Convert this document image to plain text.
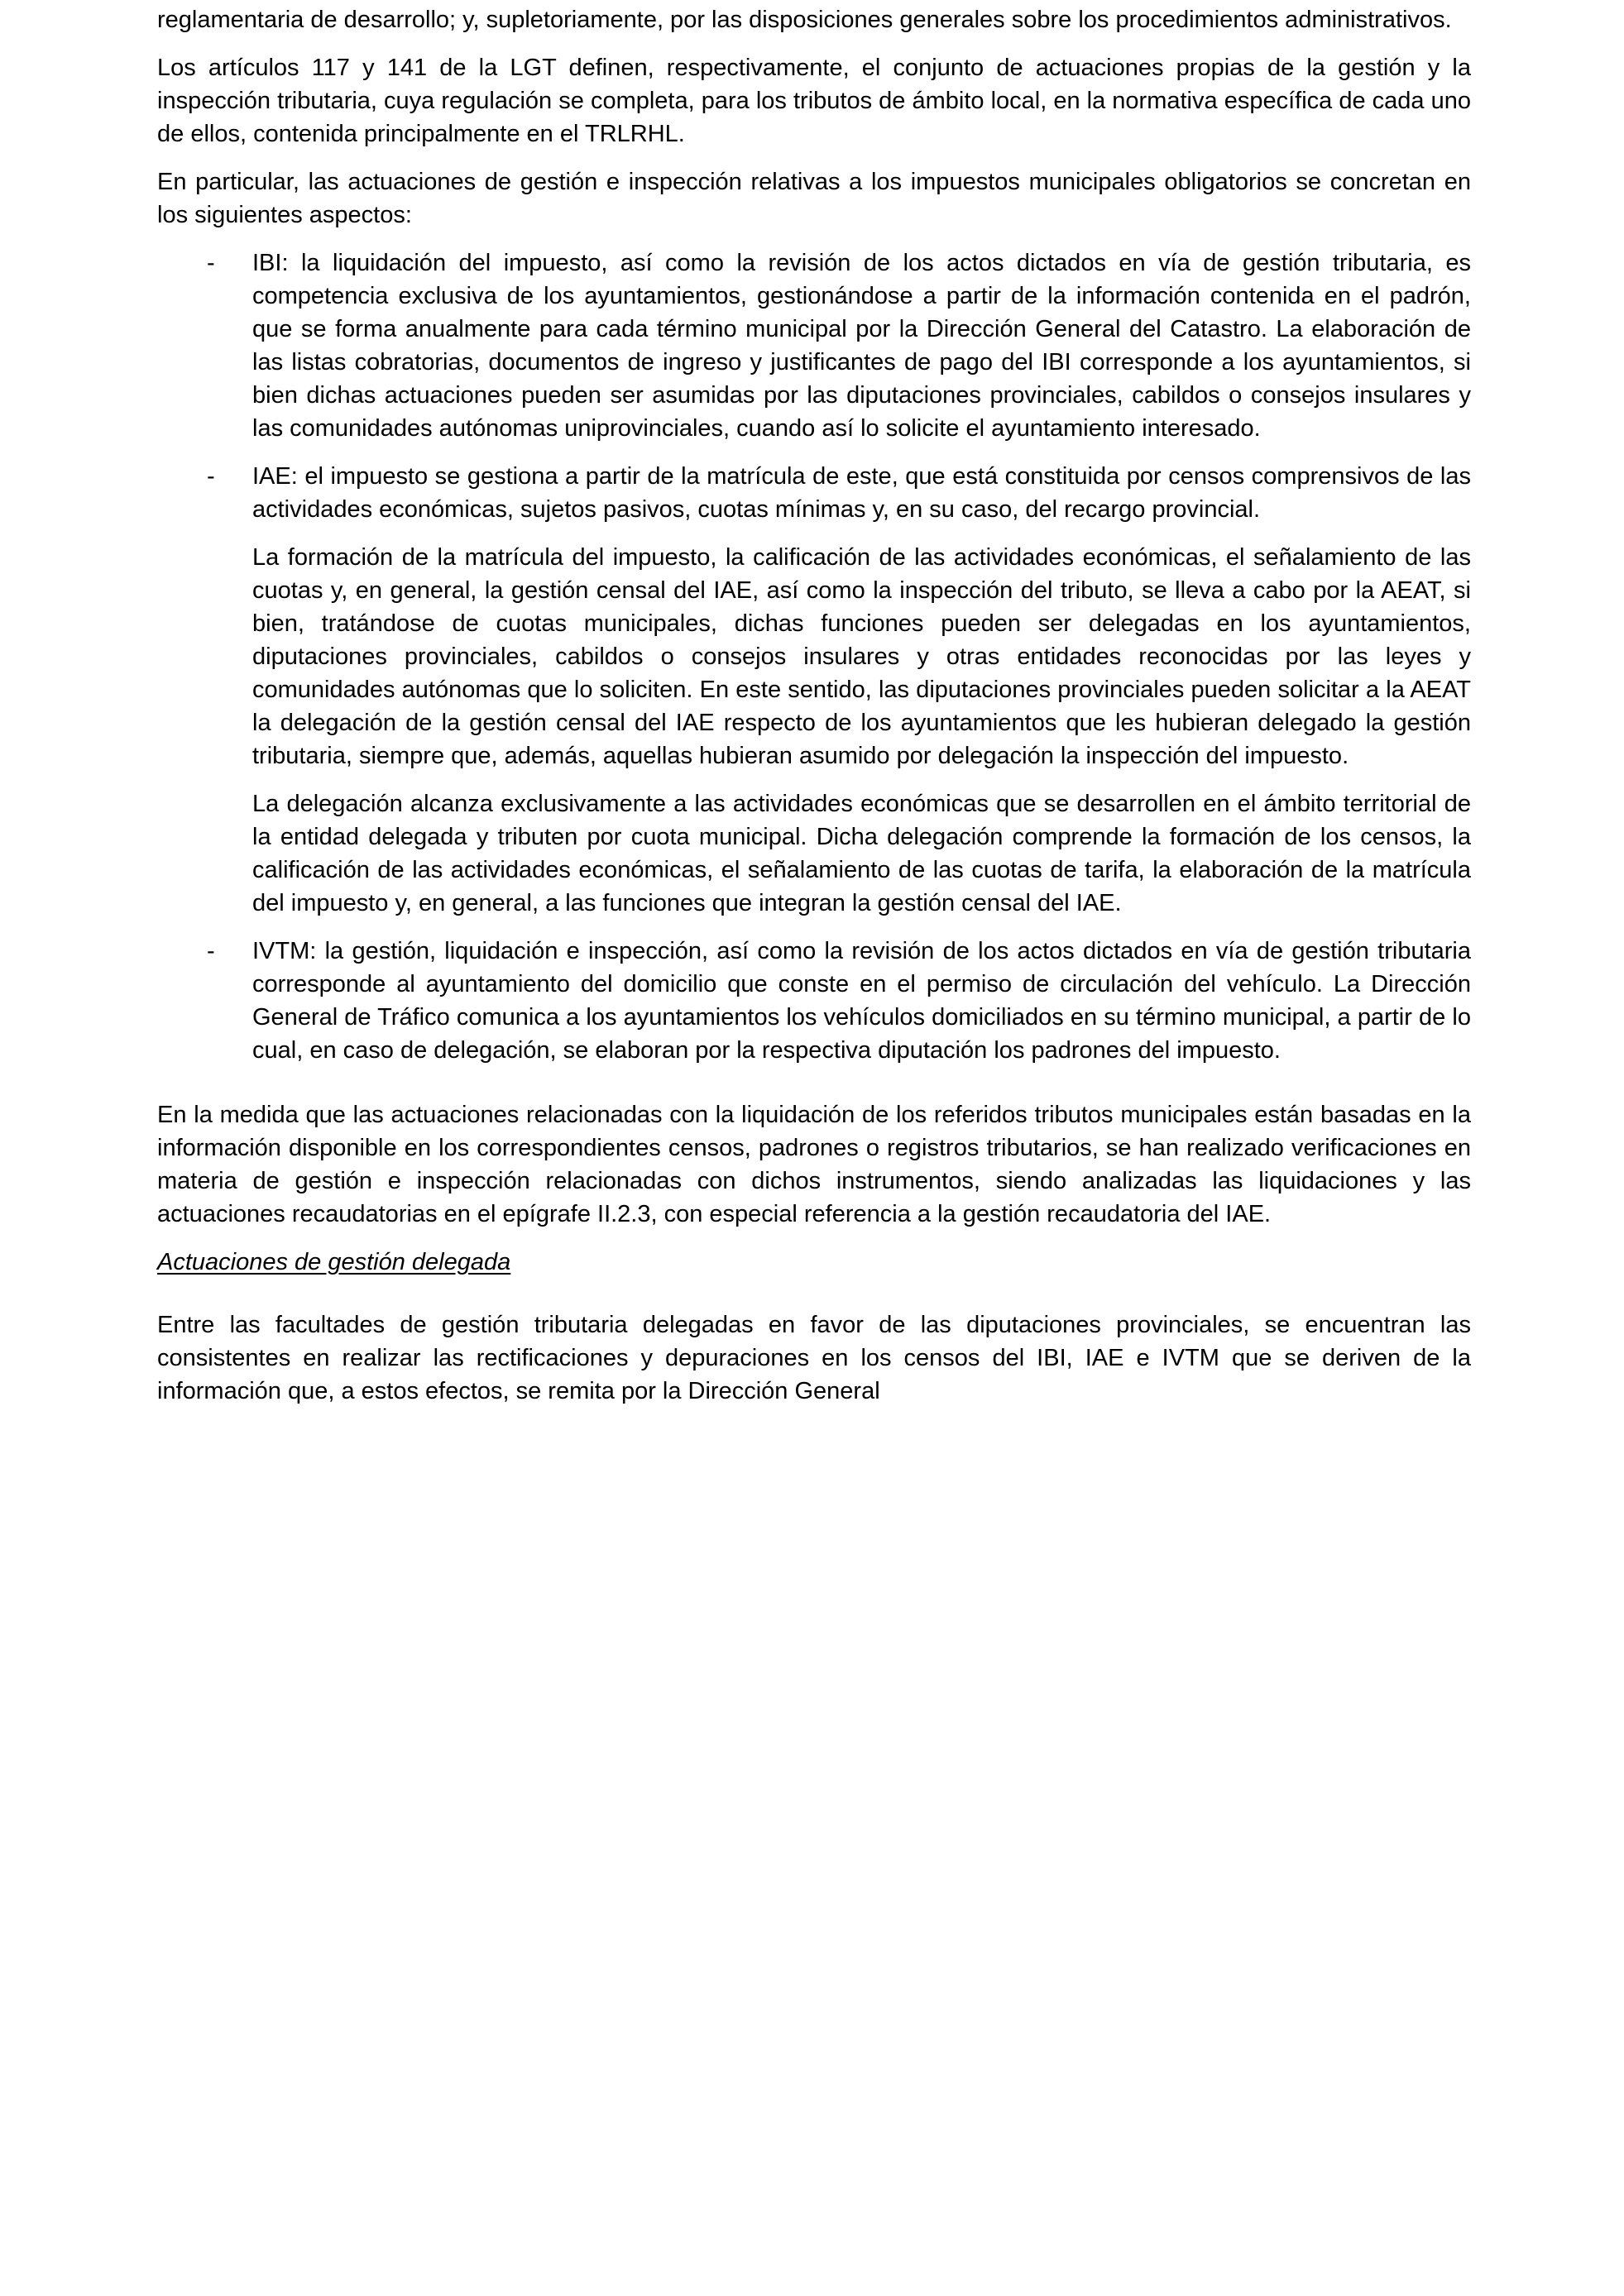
reglamentaria de desarrollo; y, supletoriamente, por las disposiciones generales sobre los procedimientos administrativos.

Los artículos 117 y 141 de la LGT definen, respectivamente, el conjunto de actuaciones propias de la gestión y la inspección tributaria, cuya regulación se completa, para los tributos de ámbito local, en la normativa específica de cada uno de ellos, contenida principalmente en el TRLRHL.

En particular, las actuaciones de gestión e inspección relativas a los impuestos municipales obligatorios se concretan en los siguientes aspectos:

- IBI: la liquidación del impuesto, así como la revisión de los actos dictados en vía de gestión tributaria, es competencia exclusiva de los ayuntamientos, gestionándose a partir de la información contenida en el padrón, que se forma anualmente para cada término municipal por la Dirección General del Catastro. La elaboración de las listas cobratorias, documentos de ingreso y justificantes de pago del IBI corresponde a los ayuntamientos, si bien dichas actuaciones pueden ser asumidas por las diputaciones provinciales, cabildos o consejos insulares y las comunidades autónomas uniprovinciales, cuando así lo solicite el ayuntamiento interesado.

- IAE: el impuesto se gestiona a partir de la matrícula de este, que está constituida por censos comprensivos de las actividades económicas, sujetos pasivos, cuotas mínimas y, en su caso, del recargo provincial.

La formación de la matrícula del impuesto, la calificación de las actividades económicas, el señalamiento de las cuotas y, en general, la gestión censal del IAE, así como la inspección del tributo, se lleva a cabo por la AEAT, si bien, tratándose de cuotas municipales, dichas funciones pueden ser delegadas en los ayuntamientos, diputaciones provinciales, cabildos o consejos insulares y otras entidades reconocidas por las leyes y comunidades autónomas que lo soliciten. En este sentido, las diputaciones provinciales pueden solicitar a la AEAT la delegación de la gestión censal del IAE respecto de los ayuntamientos que les hubieran delegado la gestión tributaria, siempre que, además, aquellas hubieran asumido por delegación la inspección del impuesto.

La delegación alcanza exclusivamente a las actividades económicas que se desarrollen en el ámbito territorial de la entidad delegada y tributen por cuota municipal. Dicha delegación comprende la formación de los censos, la calificación de las actividades económicas, el señalamiento de las cuotas de tarifa, la elaboración de la matrícula del impuesto y, en general, a las funciones que integran la gestión censal del IAE.

- IVTM: la gestión, liquidación e inspección, así como la revisión de los actos dictados en vía de gestión tributaria corresponde al ayuntamiento del domicilio que conste en el permiso de circulación del vehículo. La Dirección General de Tráfico comunica a los ayuntamientos los vehículos domiciliados en su término municipal, a partir de lo cual, en caso de delegación, se elaboran por la respectiva diputación los padrones del impuesto.

En la medida que las actuaciones relacionadas con la liquidación de los referidos tributos municipales están basadas en la información disponible en los correspondientes censos, padrones o registros tributarios, se han realizado verificaciones en materia de gestión e inspección relacionadas con dichos instrumentos, siendo analizadas las liquidaciones y las actuaciones recaudatorias en el epígrafe II.2.3, con especial referencia a la gestión recaudatoria del IAE.

Actuaciones de gestión delegada

Entre las facultades de gestión tributaria delegadas en favor de las diputaciones provinciales, se encuentran las consistentes en realizar las rectificaciones y depuraciones en los censos del IBI, IAE e IVTM que se deriven de la información que, a estos efectos, se remita por la Dirección General
